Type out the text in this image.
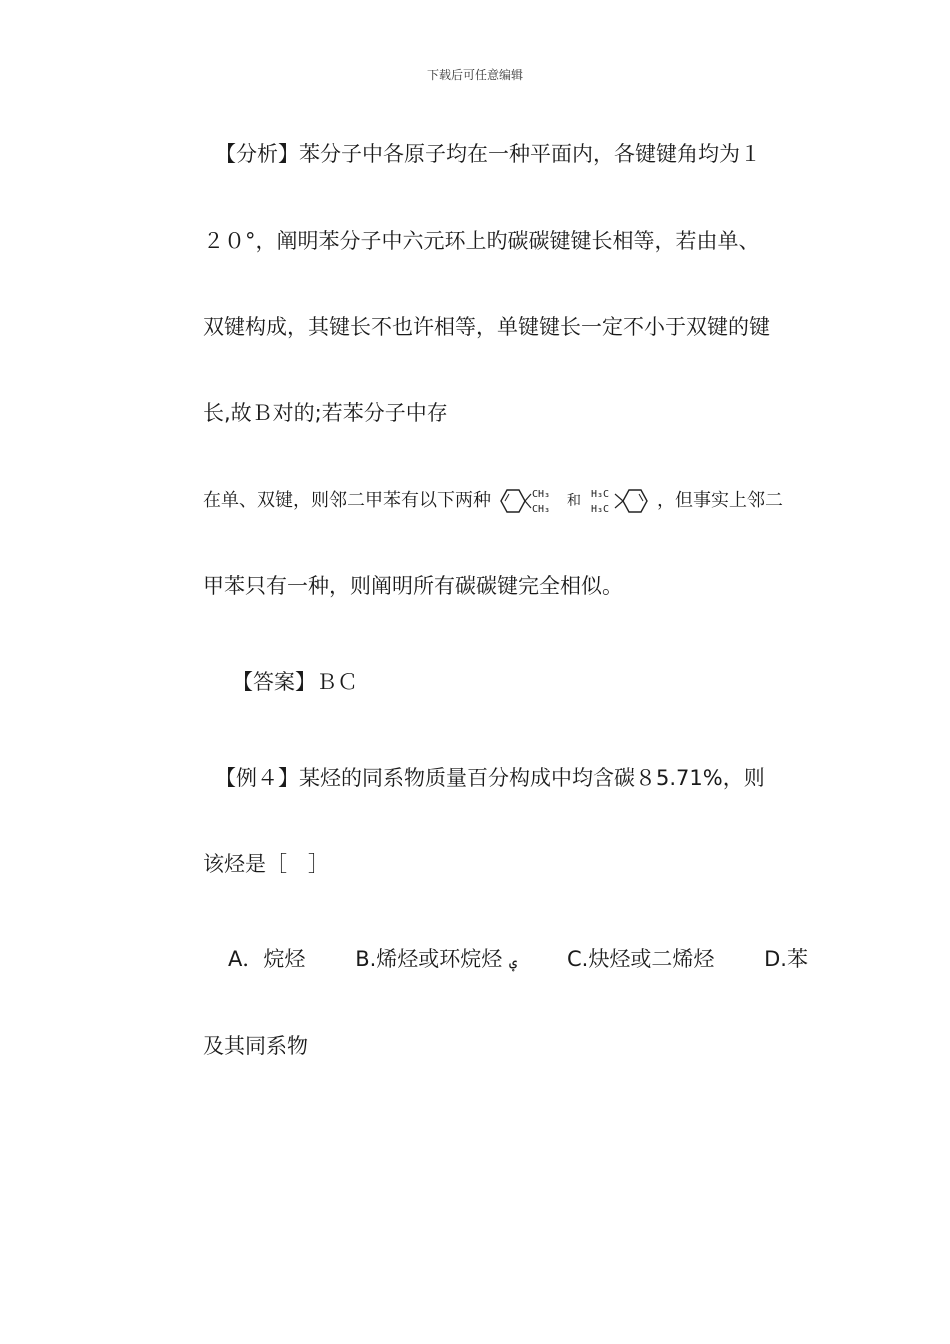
下载后可任意编辑
【分析】苯分子中各原子均在一种平面内，各键键角均为１
２０°，阐明苯分子中六元环上旳碳碳键键长相等，若由单、
双键构成，其键长不也许相等，单键键长一定不小于双键的键
长,故Ｂ对的;若苯分子中存
在单、双键，则邻二甲苯有以下两种	CH₃
CH₃
和 H₃C
H₃C	，但事实上邻二
甲苯只有一种，则阐明所有碳碳键完全相似。
【答案】ＢＣ
【例４】某烃的同系物质量百分构成中均含碳８5.71%，则
该烃是［　］
A．烷烃 B.烯烃或环烷烃 ؠ C.炔烃或二烯烃 D.苯
及其同系物
